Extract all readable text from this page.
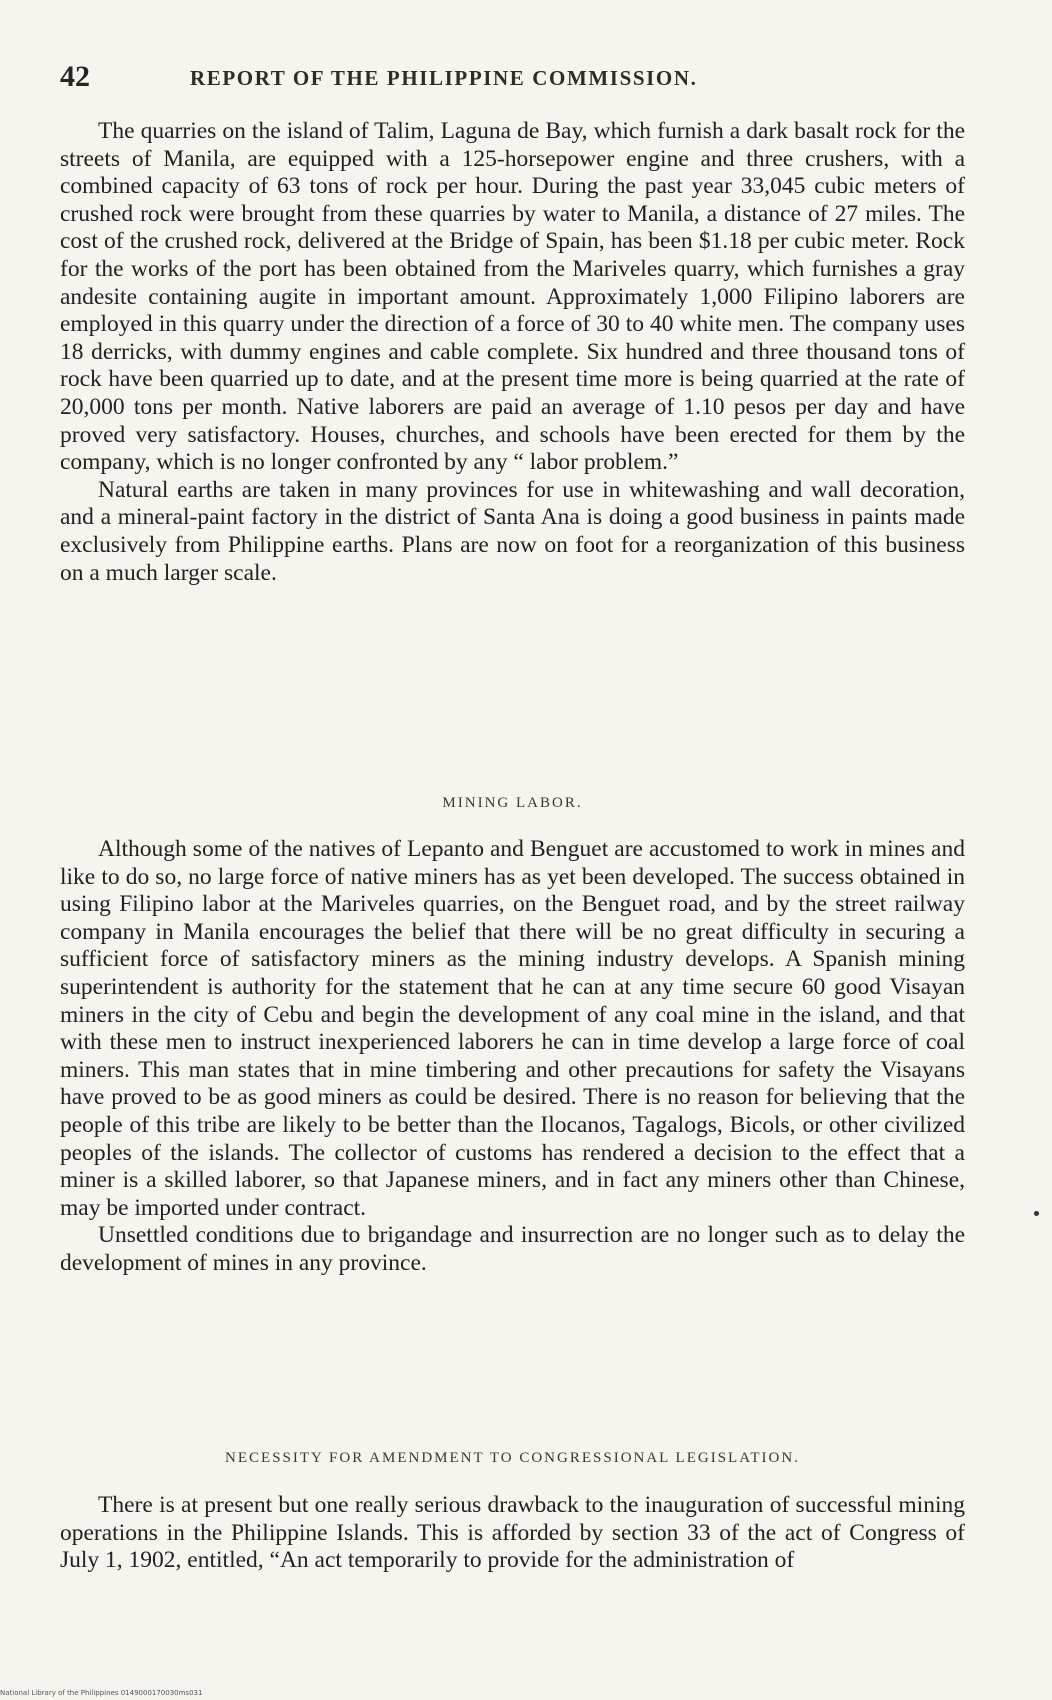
42	REPORT OF THE PHILIPPINE COMMISSION.

The quarries on the island of Talim, Laguna de Bay, which furnish a dark basalt rock for the streets of Manila, are equipped with a 125-horsepower engine and three crushers, with a combined capacity of 63 tons of rock per hour. During the past year 33,045 cubic meters of crushed rock were brought from these quarries by water to Manila, a distance of 27 miles. The cost of the crushed rock, delivered at the Bridge of Spain, has been $1.18 per cubic meter. Rock for the works of the port has been obtained from the Mariveles quarry, which furnishes a gray andesite containing augite in important amount. Approximately 1,000 Filipino laborers are employed in this quarry under the direction of a force of 30 to 40 white men. The company uses 18 derricks, with dummy engines and cable complete. Six hundred and three thousand tons of rock have been quarried up to date, and at the present time more is being quarried at the rate of 20,000 tons per month. Native laborers are paid an average of 1.10 pesos per day and have proved very satisfactory. Houses, churches, and schools have been erected for them by the company, which is no longer confronted by any “ labor problem.”

Natural earths are taken in many provinces for use in whitewashing and wall decoration, and a mineral-paint factory in the district of Santa Ana is doing a good business in paints made exclusively from Philippine earths. Plans are now on foot for a reorganization of this business on a much larger scale.

MINING LABOR.

Although some of the natives of Lepanto and Benguet are accustomed to work in mines and like to do so, no large force of native miners has as yet been developed. The success obtained in using Filipino labor at the Mariveles quarries, on the Benguet road, and by the street railway company in Manila encourages the belief that there will be no great difficulty in securing a sufficient force of satisfactory miners as the mining industry develops. A Spanish mining superintendent is authority for the statement that he can at any time secure 60 good Visayan miners in the city of Cebu and begin the development of any coal mine in the island, and that with these men to instruct inexperienced laborers he can in time develop a large force of coal miners. This man states that in mine timbering and other precautions for safety the Visayans have proved to be as good miners as could be desired. There is no reason for believing that the people of this tribe are likely to be better than the Ilocanos, Tagalogs, Bicols, or other civilized peoples of the islands. The collector of customs has rendered a decision to the effect that a miner is a skilled laborer, so that Japanese miners, and in fact any miners other than Chinese, may be imported under contract.

Unsettled conditions due to brigandage and insurrection are no longer such as to delay the development of mines in any province.

NECESSITY FOR AMENDMENT TO CONGRESSIONAL LEGISLATION.

There is at present but one really serious drawback to the inauguration of successful mining operations in the Philippine Islands. This is afforded by section 33 of the act of Congress of July 1, 1902, entitled, “An act temporarily to provide for the administration of

National Library of the Philippines 0149000170030ms031
